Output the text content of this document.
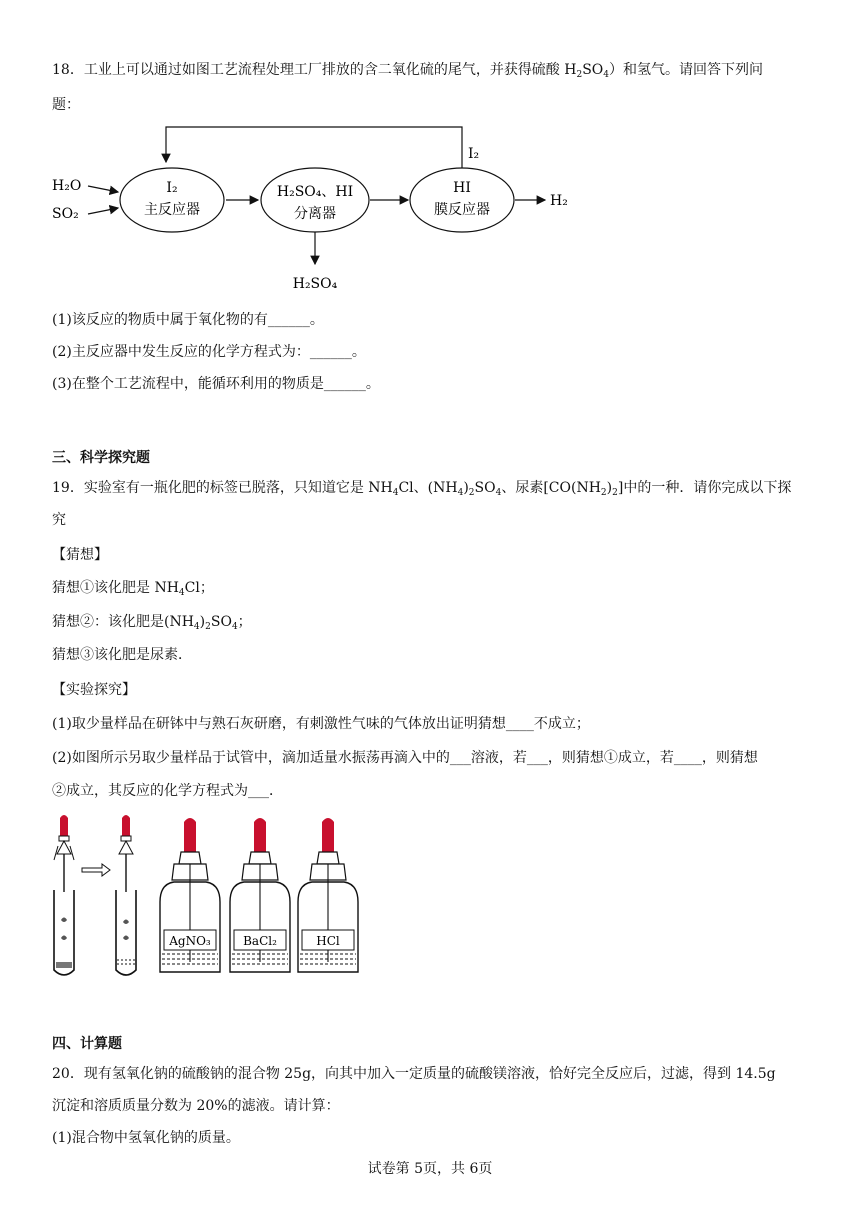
18．工业上可以通过如图工艺流程处理工厂排放的含二氧化硫的尾气，并获得硫酸 $H_2SO_4$）和氢气。请回答下列问
题：
H₂O
SO₂
I₂
主反应器
H₂SO₄、HI
分离器
H₂SO₄
HI
膜反应器
H₂
I₂
(1)该反应的物质中属于氧化物的有______。
(2)主反应器中发生反应的化学方程式为：______。
(3)在整个工艺流程中，能循环利用的物质是______。
三、科学探究题
19．实验室有一瓶化肥的标签已脱落，只知道它是 $NH_4Cl$、$(NH_4)_2SO_4$、尿素$[CO(NH_2)_2]$中的一种．请你完成以下探
究
【猜想】
猜想①该化肥是 $NH_4Cl$；
猜想②：该化肥是$(NH_4)_2SO_4$；
猜想③该化肥是尿素．
【实验探究】
(1)取少量样品在研钵中与熟石灰研磨，有刺激性气味的气体放出证明猜想____不成立；
(2)如图所示另取少量样品于试管中，滴加适量水振荡再滴入中的___溶液，若___，则猜想①成立，若____，则猜想
②成立，其反应的化学方程式为___．
AgNO₃	BaCl₂	HCl
四、计算题
20．现有氢氧化钠的硫酸钠的混合物 25g，向其中加入一定质量的硫酸镁溶液，恰好完全反应后，过滤，得到 14.5g
沉淀和溶质质量分数为 20%的滤液。请计算：
(1)混合物中氢氧化钠的质量。
试卷第 5页，共 6页
